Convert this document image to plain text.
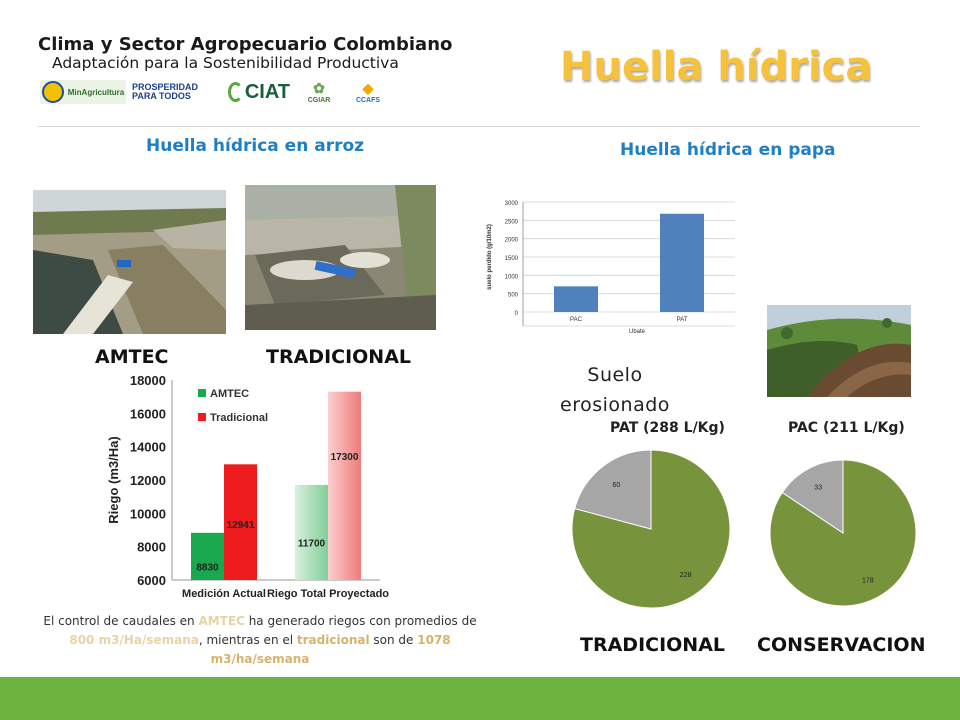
Clima y Sector Agropecuario Colombiano
Adaptación para la Sostenibilidad Productiva
MinAgricultura PROSPERIDAD PARA TODOS	CIAT ✿
CGIAR
◆
CCAFS
Huella hídrica
Huella hídrica en arroz
AMTEC	TRADICIONAL
6000
8000
10000
12000
14000
16000
18000
Riego (m3/Ha)
Medición Actual
8830
12941
Riego Total Proyectado
11700
17300
AMTEC
Tradicional
El control de caudales en AMTEC ha generado riegos con promedios de 800 m3/Ha/semana, mientras en el tradicional son de 1078 m3/ha/semana
Huella hídrica en papa
0
500
1000
1500
2000
2500
3000
PAC	PAT
Ubate
suelo perdido (g/10m2)
Suelo erosionado
PAT (288 L/Kg)	PAC (211 L/Kg)
228
60
178
33
TRADICIONAL CONSERVACION
